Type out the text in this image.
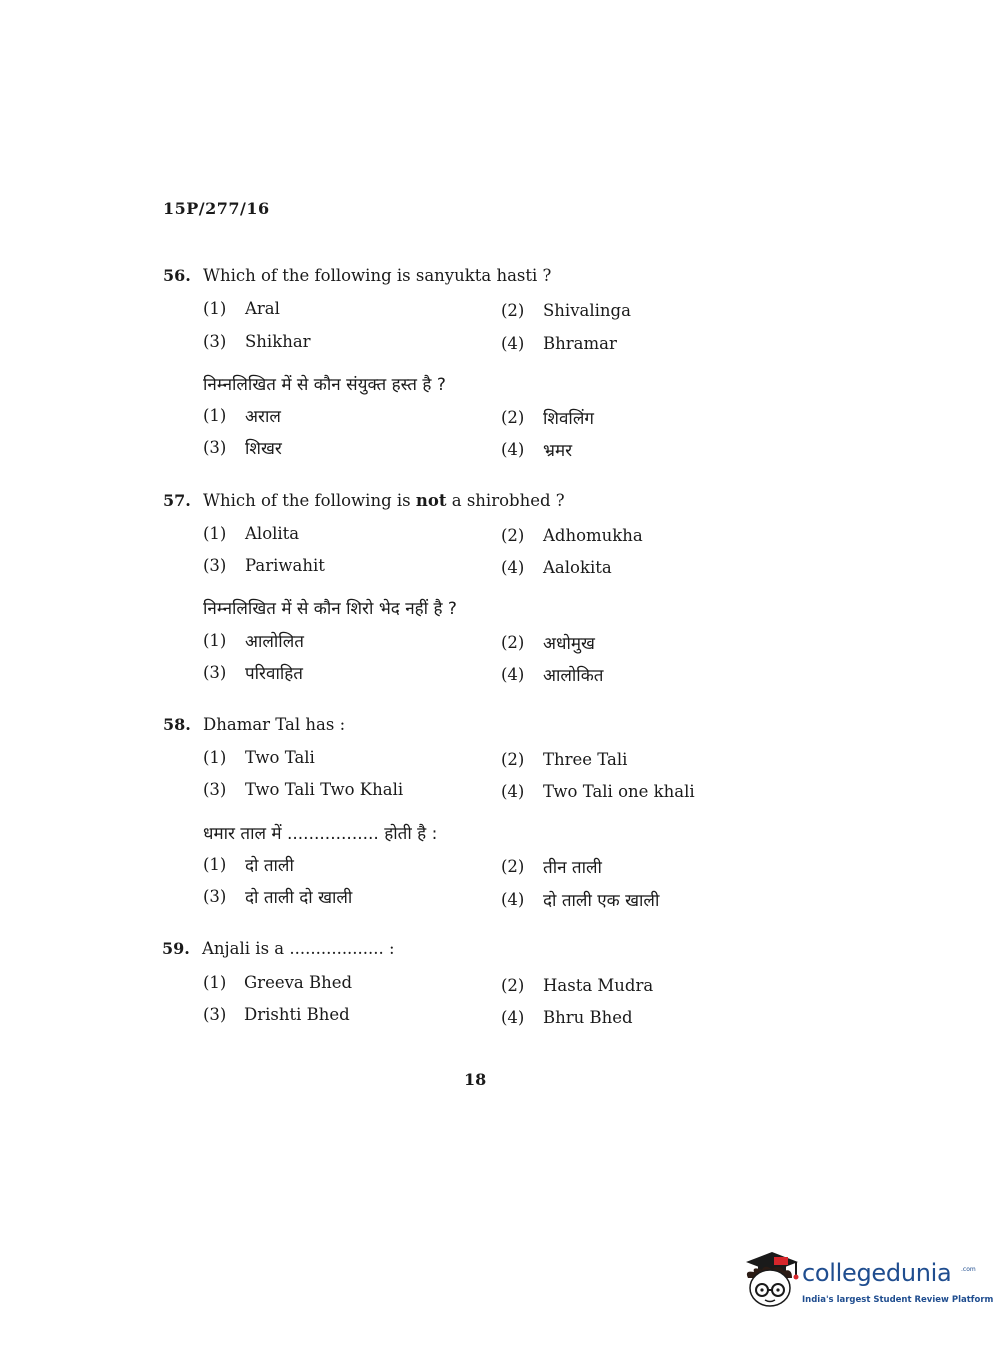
15P/277/16
56. Which of the following is sanyukta hasti ?
(1) Aral	(2) Shivalinga
(3) Shikhar	(4) Bhramar
निम्नलिखित में से कौन संयुक्त हस्त है ?
(1) अराल	(2) शिवलिंग
(3) शिखर	(4) भ्रमर
57. Which of the following is not a shirobhed ?
(1) Alolita	(2) Adhomukha
(3) Pariwahit	(4) Aalokita
निम्नलिखित में से कौन शिरो भेद नहीं है ?
(1) आलोलित	(2) अधोमुख
(3) परिवाहित	(4) आलोकित
58. Dhamar Tal has :
(1) Two Tali	(2) Three Tali
(3) Two Tali Two Khali	(4) Two Tali one khali
धमार ताल में ................. होती है :
(1) दो ताली	(2) तीन ताली
(3) दो ताली दो खाली	(4) दो ताली एक खाली
59. Anjali is a .................. :
(1) Greeva Bhed	(2) Hasta Mudra
(3) Drishti Bhed	(4) Bhru Bhed
18
collegedunia .com
India's largest Student Review Platform
